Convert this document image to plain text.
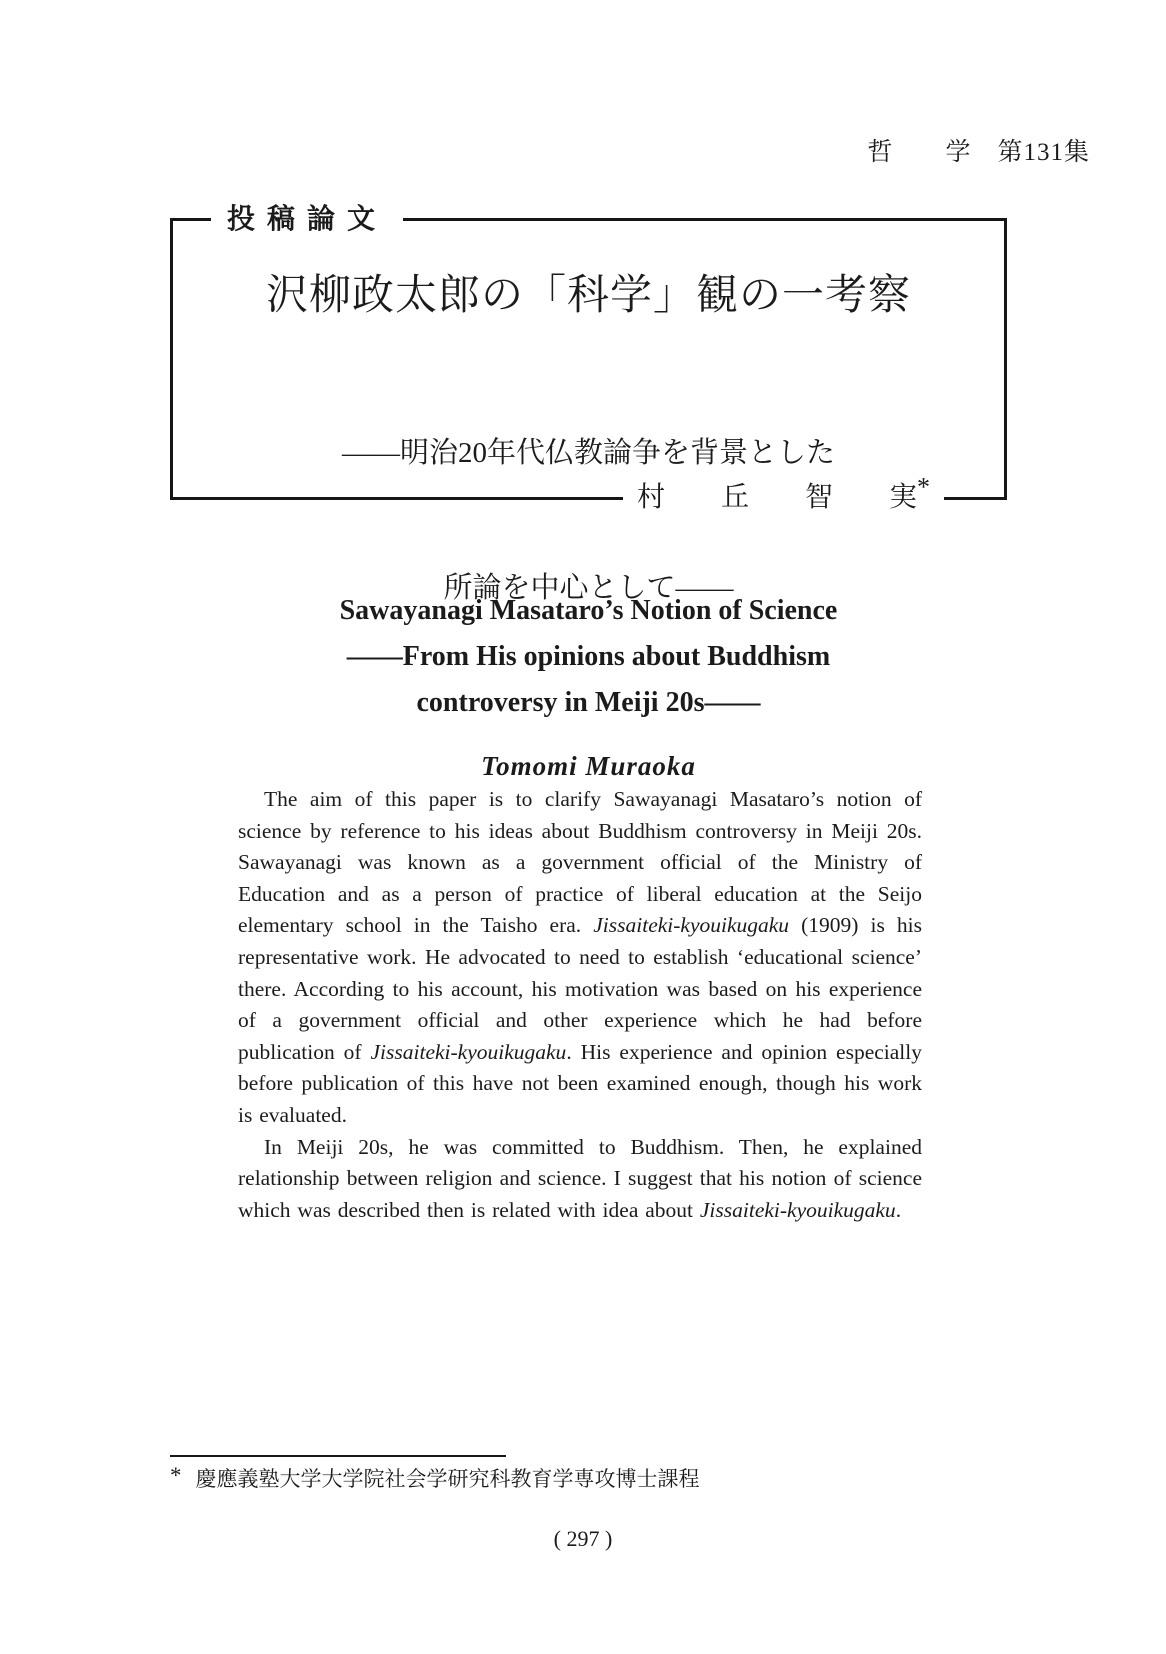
哲　　学　第131集
投稿論文
沢柳政太郎の「科学」観の一考察

——明治20年代仏教論争を背景とした

所論を中心として——

村　　丘　　智　　実*
Sawayanagi Masataro’s Notion of Science
——From His opinions about Buddhism
controversy in Meiji 20s——
Tomomi Muraoka

The aim of this paper is to clarify Sawayanagi Masataro’s notion of science by reference to his ideas about Buddhism controversy in Meiji 20s. Sawayanagi was known as a government official of the Ministry of Education and as a person of practice of liberal education at the Seijo elementary school in the Taisho era. Jissaiteki-kyouikugaku (1909) is his representative work. He advocated to need to establish ‘educational science’ there. According to his account, his motivation was based on his experience of a government official and other experience which he had before publication of Jissaiteki-kyouikugaku. His experience and opinion especially before publication of this have not been examined enough, though his work is evaluated.

In Meiji 20s, he was committed to Buddhism. Then, he explained relationship between religion and science. I suggest that his notion of science which was described then is related with idea about Jissaiteki-kyouikugaku.

* 慶應義塾大学大学院社会学研究科教育学専攻博士課程
( 297 )
